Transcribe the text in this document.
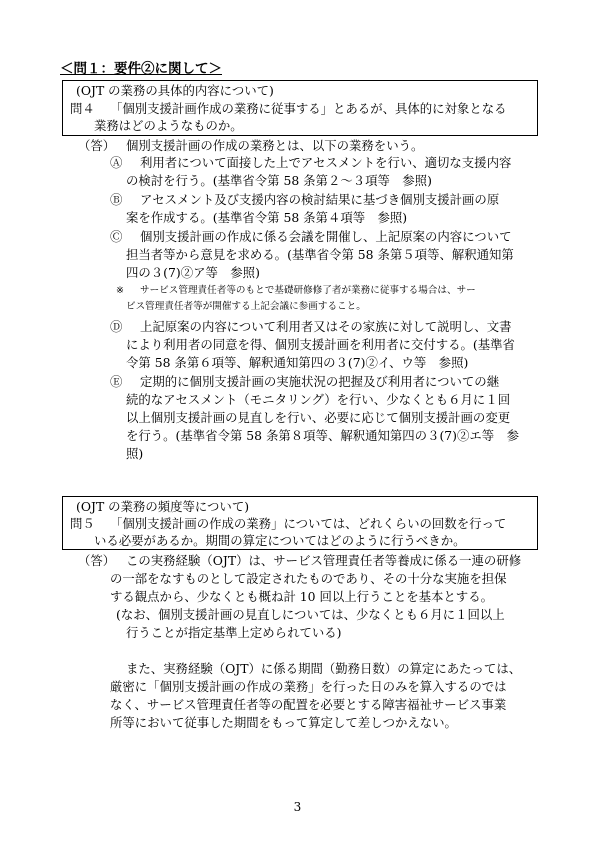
＜問１：要件②に関して＞
(OJT の業務の具体的内容について)
問４ 「個別支援計画作成の業務に従事する」とあるが、具体的に対象となる
業務はどのようなものか。
（答） 個別支援計画の作成の業務とは、以下の業務をいう。
Ⓐ 利用者について面接した上でアセスメントを行い、適切な支援内容
の検討を行う。(基準省令第 58 条第２～３項等　参照)
Ⓑ アセスメント及び支援内容の検討結果に基づき個別支援計画の原
案を作成する。(基準省令第 58 条第４項等　参照)
Ⓒ 個別支援計画の作成に係る会議を開催し、上記原案の内容について
担当者等から意見を求める。(基準省令第 58 条第５項等、解釈通知第
四の３(7)②ア等　参照)
※ サービス管理責任者等のもとで基礎研修修了者が業務に従事する場合は、サー
ビス管理責任者等が開催する上記会議に参画すること。
Ⓓ 上記原案の内容について利用者又はその家族に対して説明し、文書
により利用者の同意を得、個別支援計画を利用者に交付する。(基準省
令第 58 条第６項等、解釈通知第四の３(7)②イ、ウ等　参照)
Ⓔ 定期的に個別支援計画の実施状況の把握及び利用者についての継
続的なアセスメント（モニタリング）を行い、少なくとも６月に１回
以上個別支援計画の見直しを行い、必要に応じて個別支援計画の変更
を行う。(基準省令第 58 条第８項等、解釈通知第四の３(7)②エ等　参
照)
(OJT の業務の頻度等について)
問５ 「個別支援計画の作成の業務」については、どれくらいの回数を行って
いる必要があるか。期間の算定についてはどのように行うべきか。
（答） この実務経験（OJT）は、サービス管理責任者等養成に係る一連の研修
の一部をなすものとして設定されたものであり、その十分な実施を担保
する観点から、少なくとも概ね計 10 回以上行うことを基本とする。
(なお、個別支援計画の見直しについては、少なくとも６月に１回以上
行うことが指定基準上定められている)
また、実務経験（OJT）に係る期間（勤務日数）の算定にあたっては、
厳密に「個別支援計画の作成の業務」を行った日のみを算入するのでは
なく、サービス管理責任者等の配置を必要とする障害福祉サービス事業
所等において従事した期間をもって算定して差しつかえない。
3
